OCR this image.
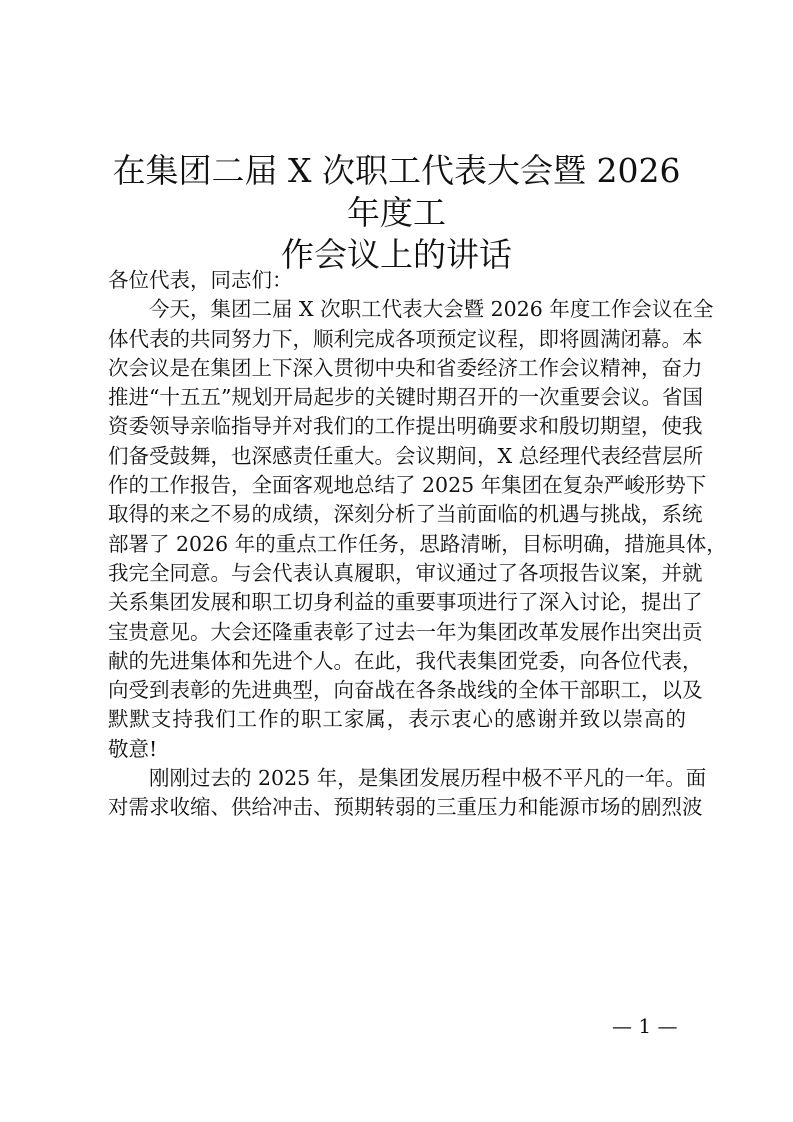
在集团二届 X 次职工代表大会暨 2026 年度工
作会议上的讲话
各位代表，同志们：
今天，集团二届 X 次职工代表大会暨 2026 年度工作会议在全
体代表的共同努力下，顺利完成各项预定议程，即将圆满闭幕。本
次会议是在集团上下深入贯彻中央和省委经济工作会议精神，奋力
推进“十五五”规划开局起步的关键时期召开的一次重要会议。省国
资委领导亲临指导并对我们的工作提出明确要求和殷切期望，使我
们备受鼓舞，也深感责任重大。会议期间，X 总经理代表经营层所
作的工作报告，全面客观地总结了 2025 年集团在复杂严峻形势下
取得的来之不易的成绩，深刻分析了当前面临的机遇与挑战，系统
部署了 2026 年的重点工作任务，思路清晰，目标明确，措施具体，
我完全同意。与会代表认真履职，审议通过了各项报告议案，并就
关系集团发展和职工切身利益的重要事项进行了深入讨论，提出了
宝贵意见。大会还隆重表彰了过去一年为集团改革发展作出突出贡
献的先进集体和先进个人。在此，我代表集团党委，向各位代表，
向受到表彰的先进典型，向奋战在各条战线的全体干部职工，以及
默默支持我们工作的职工家属，表示衷心的感谢并致以崇高的
敬意!
刚刚过去的 2025 年，是集团发展历程中极不平凡的一年。面
对需求收缩、供给冲击、预期转弱的三重压力和能源市场的剧烈波
— 1 —
